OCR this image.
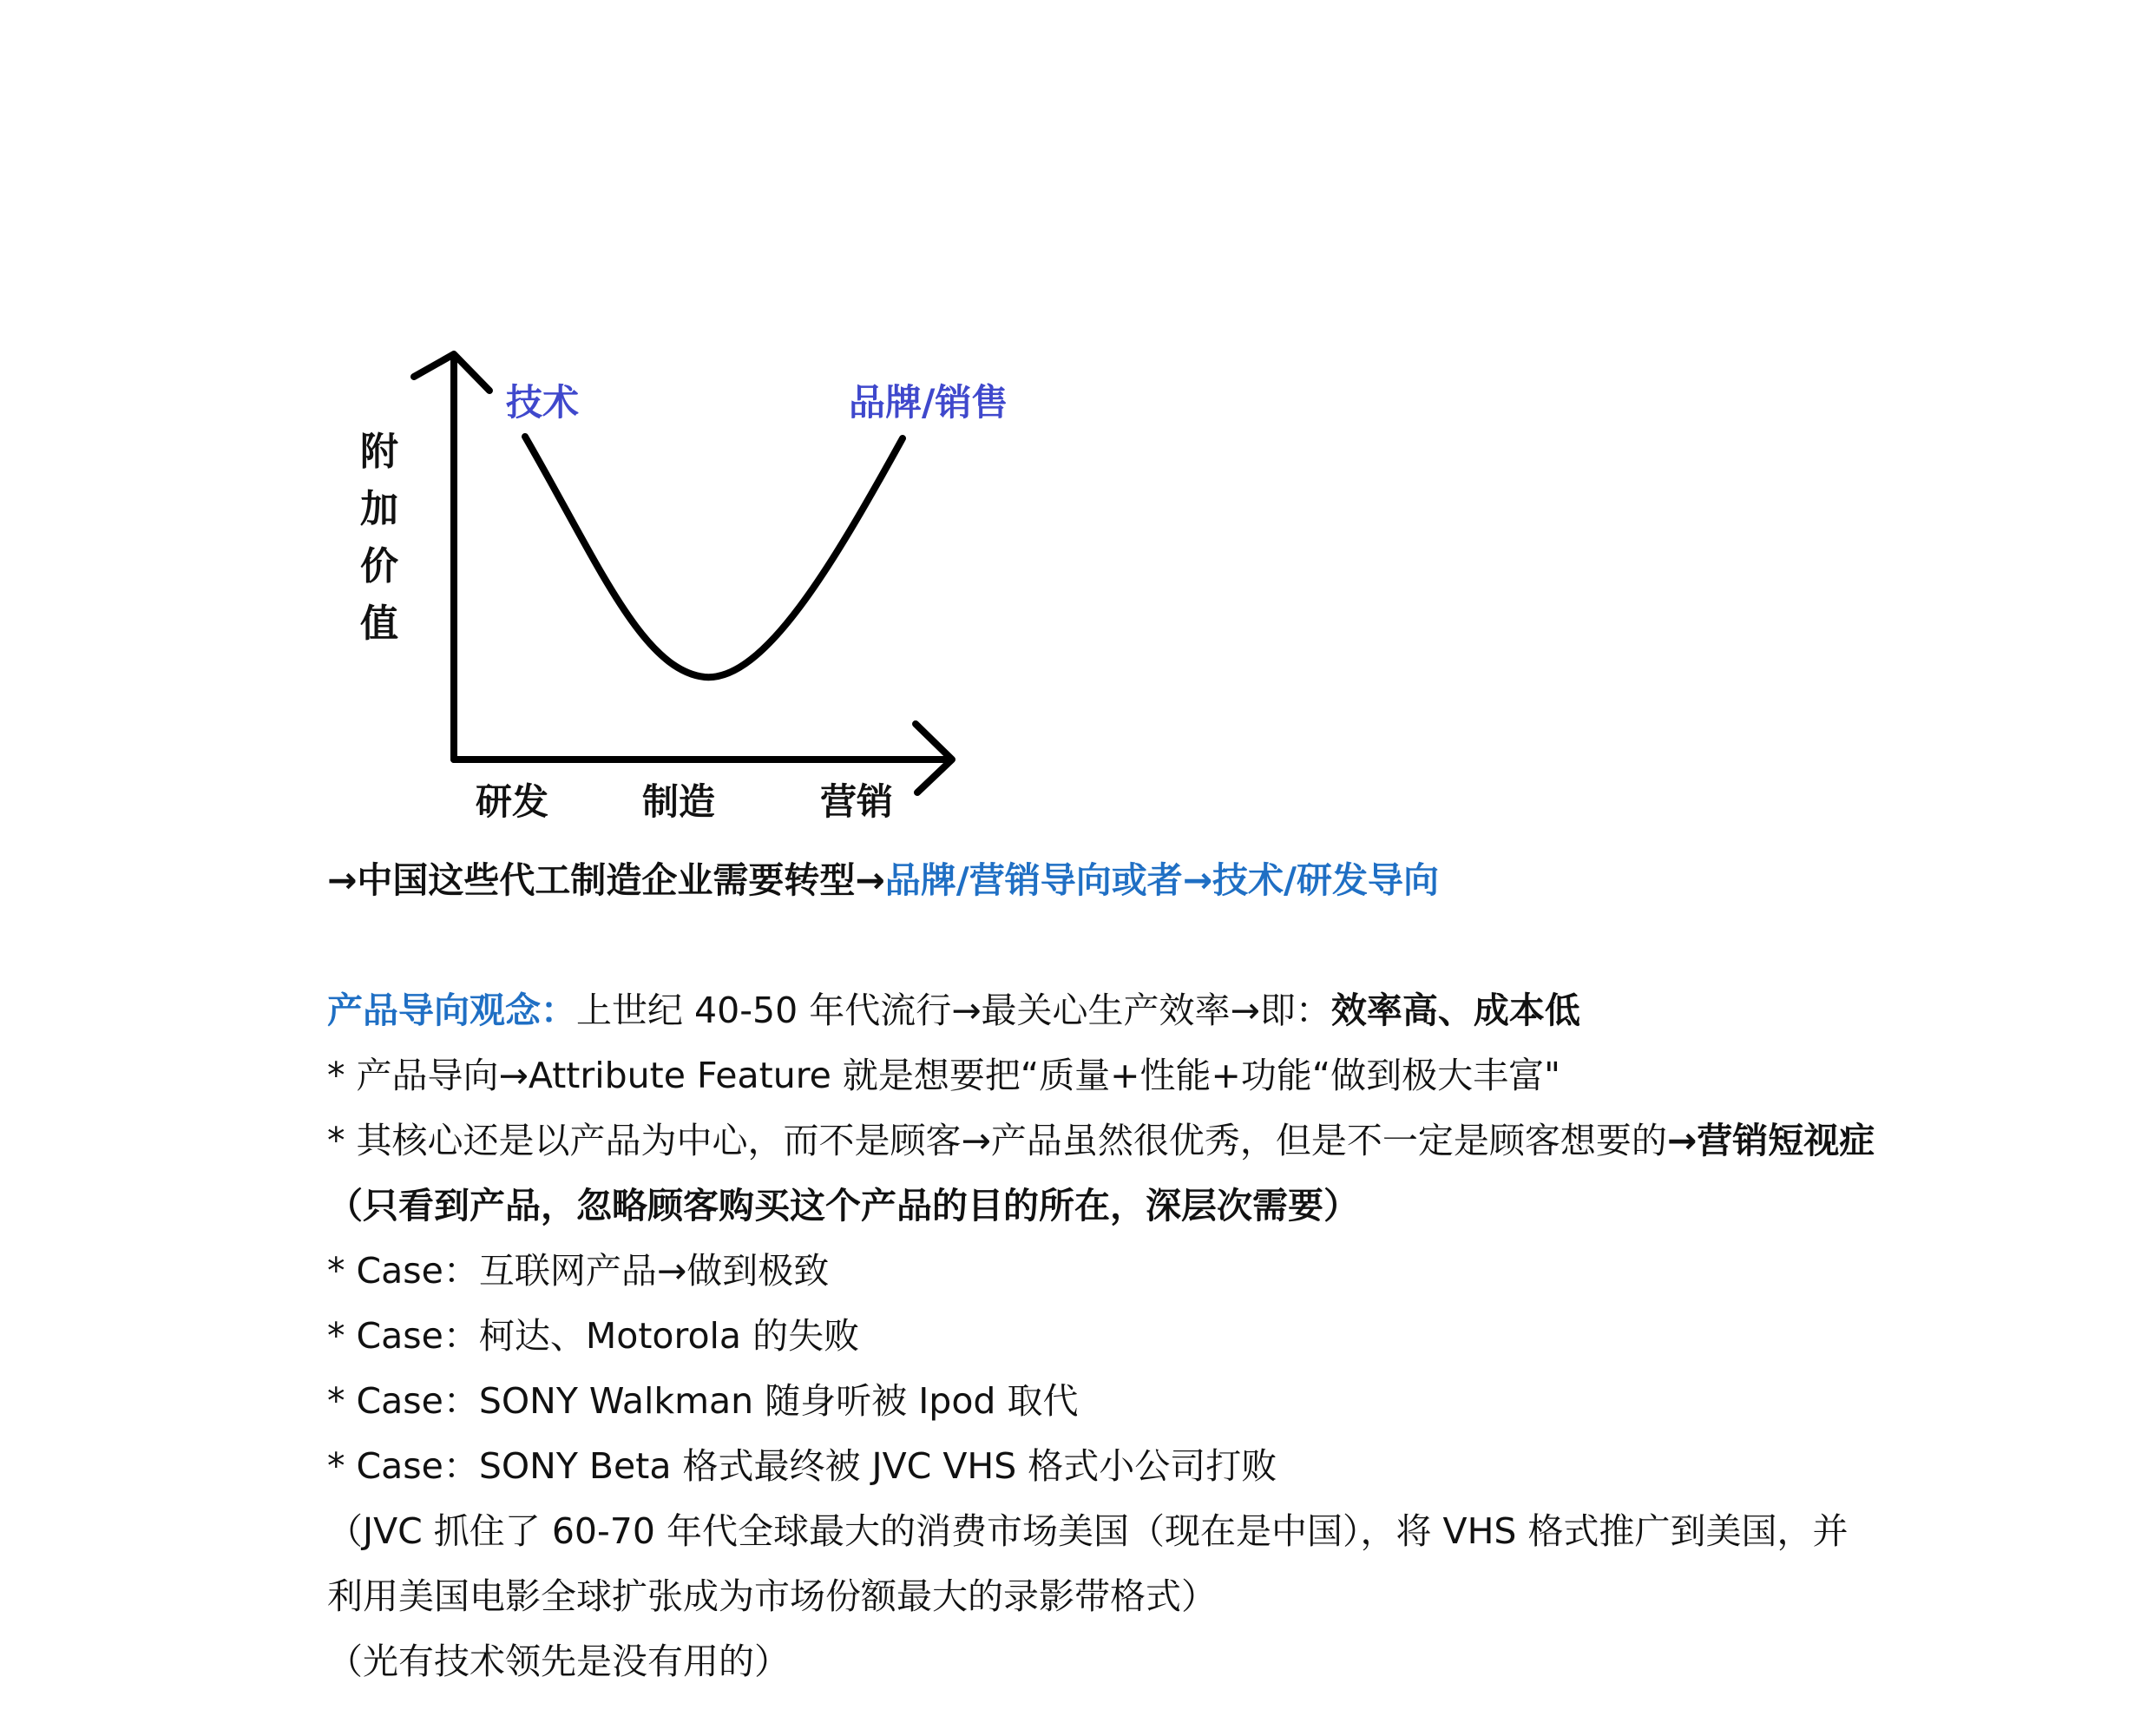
附
加
价
值
技术	品牌/销售
研发	制造	营销

→中国这些代工制造企业需要转型→品牌/营销导向或者→技术/研发导向

产品导向观念：上世纪 40-50 年代流行→最关心生产效率→即：效率高、成本低

* 产品导向→Attribute Feature 就是想要把“质量+性能+功能“做到极大丰富"

* 其核心还是以产品为中心，而不是顾客→产品虽然很优秀，但是不一定是顾客想要的→营销短视症（只看到产品，忽略顾客购买这个产品的目的所在，深层次需要）

* Case：互联网产品→做到极致

* Case：柯达、Motorola 的失败

* Case：SONY Walkman 随身听被 Ipod 取代

* Case：SONY Beta 格式最终被 JVC VHS 格式小公司打败

（JVC 抓住了 60-70 年代全球最大的消费市场美国（现在是中国），将 VHS 格式推广到美国，并利用美国电影全球扩张成为市场份额最大的录影带格式）

（光有技术领先是没有用的）
